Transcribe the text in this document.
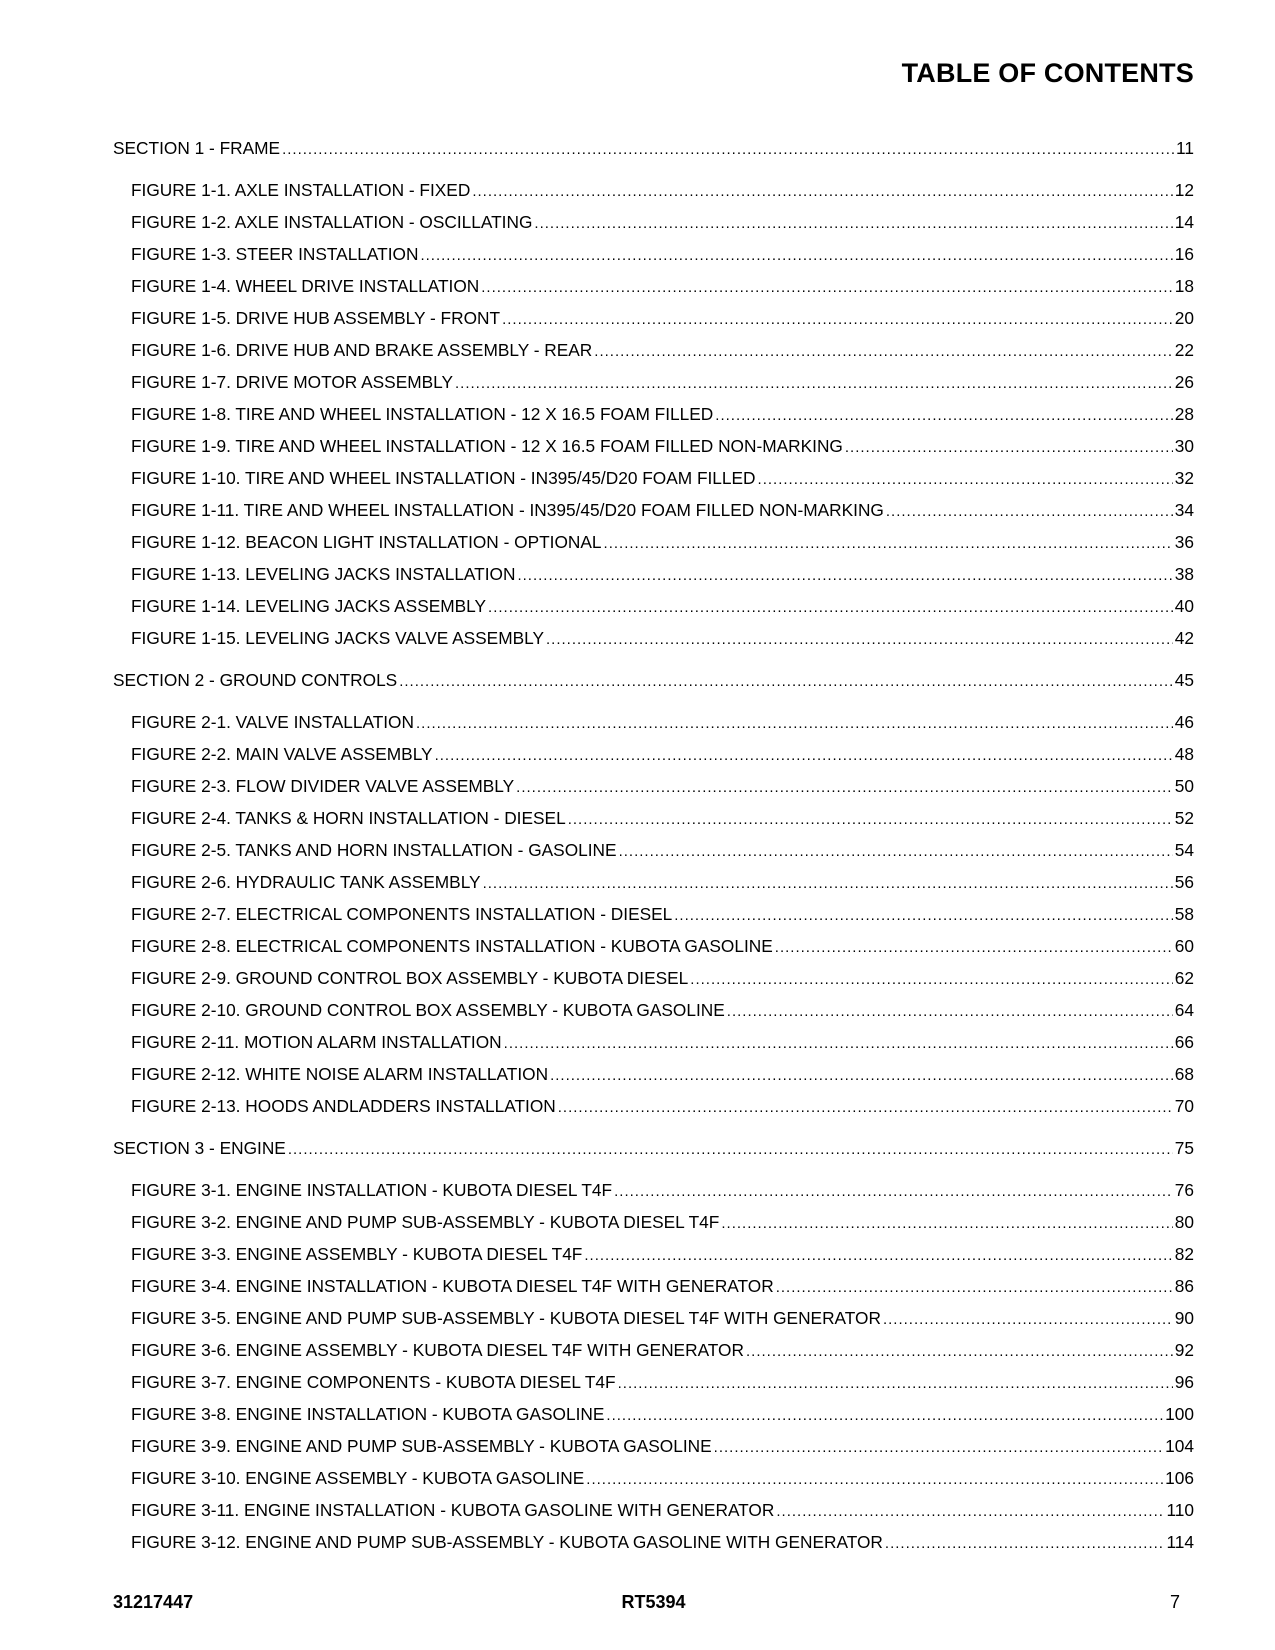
TABLE OF CONTENTS
SECTION 1 - FRAME .....	11
FIGURE 1-1. AXLE INSTALLATION - FIXED .....	12
FIGURE 1-2. AXLE INSTALLATION - OSCILLATING .....	14
FIGURE 1-3. STEER INSTALLATION .....	16
FIGURE 1-4. WHEEL DRIVE INSTALLATION .....	18
FIGURE 1-5. DRIVE HUB ASSEMBLY - FRONT .....	20
FIGURE 1-6. DRIVE HUB AND BRAKE ASSEMBLY - REAR .....	22
FIGURE 1-7. DRIVE MOTOR ASSEMBLY .....	26
FIGURE 1-8. TIRE AND WHEEL INSTALLATION - 12 X 16.5 FOAM FILLED .....	28
FIGURE 1-9. TIRE AND WHEEL INSTALLATION - 12 X 16.5 FOAM FILLED NON-MARKING .....	30
FIGURE 1-10. TIRE AND WHEEL INSTALLATION - IN395/45/D20 FOAM FILLED .....	32
FIGURE 1-11. TIRE AND WHEEL INSTALLATION - IN395/45/D20 FOAM FILLED NON-MARKING .....	34
FIGURE 1-12. BEACON LIGHT INSTALLATION - OPTIONAL .....	36
FIGURE 1-13. LEVELING JACKS INSTALLATION .....	38
FIGURE 1-14. LEVELING JACKS ASSEMBLY .....	40
FIGURE 1-15. LEVELING JACKS VALVE ASSEMBLY .....	42
SECTION 2 - GROUND CONTROLS .....	45
FIGURE 2-1. VALVE INSTALLATION .....	46
FIGURE 2-2. MAIN VALVE ASSEMBLY .....	48
FIGURE 2-3. FLOW DIVIDER VALVE ASSEMBLY .....	50
FIGURE 2-4. TANKS & HORN INSTALLATION - DIESEL .....	52
FIGURE 2-5. TANKS AND HORN INSTALLATION - GASOLINE .....	54
FIGURE 2-6. HYDRAULIC TANK ASSEMBLY .....	56
FIGURE 2-7. ELECTRICAL COMPONENTS INSTALLATION - DIESEL .....	58
FIGURE 2-8. ELECTRICAL COMPONENTS INSTALLATION - KUBOTA GASOLINE .....	60
FIGURE 2-9. GROUND CONTROL BOX ASSEMBLY - KUBOTA DIESEL .....	62
FIGURE 2-10. GROUND CONTROL BOX ASSEMBLY - KUBOTA GASOLINE .....	64
FIGURE 2-11. MOTION ALARM INSTALLATION .....	66
FIGURE 2-12. WHITE NOISE ALARM INSTALLATION .....	68
FIGURE 2-13. HOODS ANDLADDERS INSTALLATION .....	70
SECTION 3 - ENGINE .....	75
FIGURE 3-1. ENGINE INSTALLATION - KUBOTA DIESEL T4F .....	76
FIGURE 3-2. ENGINE AND PUMP SUB-ASSEMBLY - KUBOTA DIESEL T4F .....	80
FIGURE 3-3. ENGINE ASSEMBLY - KUBOTA DIESEL T4F .....	82
FIGURE 3-4. ENGINE INSTALLATION - KUBOTA DIESEL T4F WITH GENERATOR .....	86
FIGURE 3-5. ENGINE AND PUMP SUB-ASSEMBLY - KUBOTA DIESEL T4F WITH GENERATOR .....	90
FIGURE 3-6. ENGINE ASSEMBLY - KUBOTA DIESEL T4F WITH GENERATOR .....	92
FIGURE 3-7. ENGINE COMPONENTS - KUBOTA DIESEL T4F .....	96
FIGURE 3-8. ENGINE INSTALLATION - KUBOTA GASOLINE .....	100
FIGURE 3-9. ENGINE AND PUMP SUB-ASSEMBLY - KUBOTA GASOLINE .....	104
FIGURE 3-10. ENGINE ASSEMBLY - KUBOTA GASOLINE .....	106
FIGURE 3-11. ENGINE INSTALLATION - KUBOTA GASOLINE WITH GENERATOR .....	110
FIGURE 3-12. ENGINE AND PUMP SUB-ASSEMBLY - KUBOTA GASOLINE WITH GENERATOR .....	114
31217447	RT5394	7
